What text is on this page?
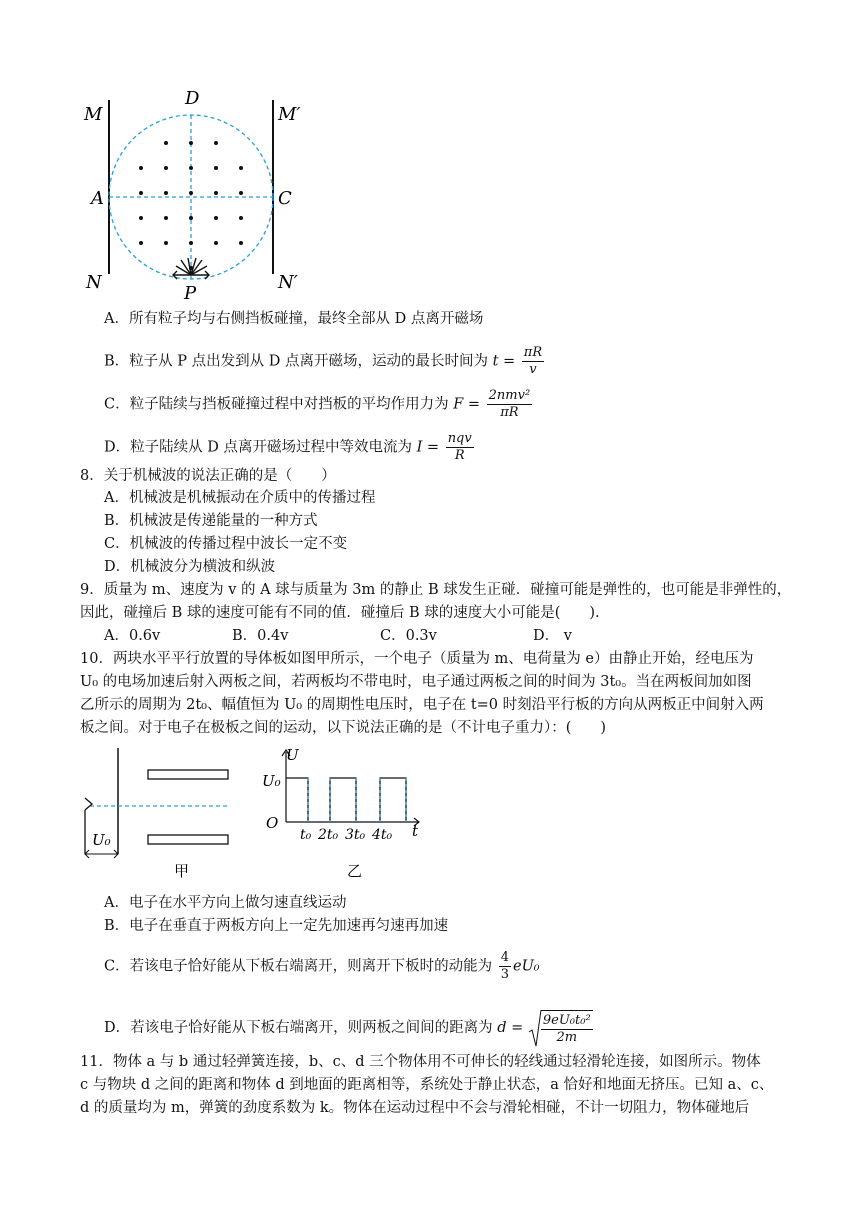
M	M′
N	N′
A	C
D
P
A．所有粒子均与右侧挡板碰撞，最终全部从 D 点离开磁场
B．粒子从 P 点出发到从 D 点离开磁场，运动的最长时间为 $t = \frac{\pi R}{v}$
C．粒子陆续与挡板碰撞过程中对挡板的平均作用力为 $F = \frac{\text{2nmv²}}{\pi R}$
D．粒子陆续从 D 点离开磁场过程中等效电流为 $I = \frac{\text{nqv}}{R}$
8．关于机械波的说法正确的是（　　）
A．机械波是机械振动在介质中的传播过程
B．机械波是传递能量的一种方式
C．机械波的传播过程中波长一定不变
D．机械波分为横波和纵波
9．质量为 m、速度为 v 的 A 球与质量为 3m 的静止 B 球发生正碰．碰撞可能是弹性的，也可能是非弹性的，
因此，碰撞后 B 球的速度可能有不同的值．碰撞后 B 球的速度大小可能是(　　).
A．0.6v	B．0.4v	C．0.3v	D． v
10．两块水平平行放置的导体板如图甲所示，一个电子（质量为 m、电荷量为 e）由静止开始，经电压为
U₀ 的电场加速后射入两板之间，若两板均不带电时，电子通过两板之间的时间为 3t₀。当在两板间加如图
乙所示的周期为 2t₀、幅值恒为 U₀ 的周期性电压时，电子在 t=0 时刻沿平行板的方向从两板正中间射入两
板之间。对于电子在极板之间的运动，以下说法正确的是（不计电子重力）：(　　)
U₀
甲
U
U₀
O	t
t₀ 2t₀ 3t₀ 4t₀
乙
A．电子在水平方向上做匀速直线运动
B．电子在垂直于两板方向上一定先加速再匀速再加速
C．若该电子恰好能从下板右端离开，则离开下板时的动能为 $\frac{4}{3} eU_0$
D．若该电子恰好能从下板右端离开，则两板之间间的距离为 $d = \frac{\text{9eU₀t₀²}}{2m}$
11．物体 a 与 b 通过轻弹簧连接，b、c、d 三个物体用不可伸长的轻线通过轻滑轮连接，如图所示。物体
c 与物块 d 之间的距离和物体 d 到地面的距离相等，系统处于静止状态，a 恰好和地面无挤压。已知 a、c、
d 的质量均为 m，弹簧的劲度系数为 k。物体在运动过程中不会与滑轮相碰，不计一切阻力，物体碰地后
